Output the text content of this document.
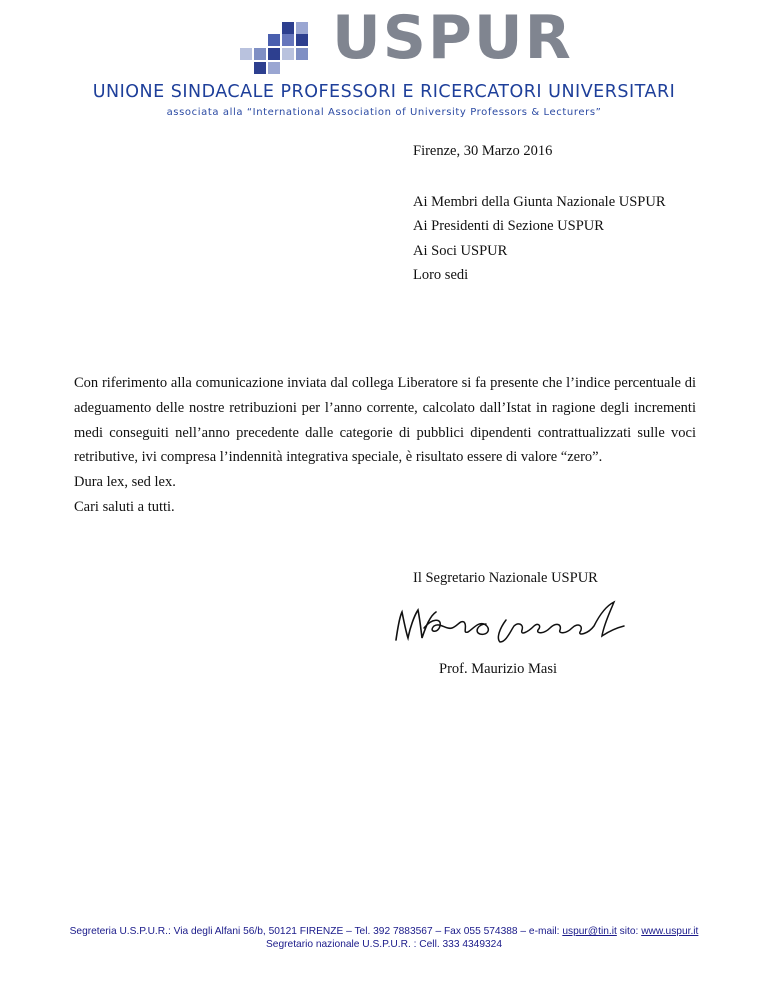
USPUR
UNIONE SINDACALE PROFESSORI E RICERCATORI UNIVERSITARI
associata alla “International Association of University Professors & Lecturers”
Firenze, 30 Marzo 2016
Ai Membri della Giunta Nazionale USPUR
Ai Presidenti di Sezione USPUR
Ai Soci USPUR
Loro sedi

Con riferimento alla comunicazione inviata dal collega Liberatore si fa presente che l’indice percentuale di adeguamento delle nostre retribuzioni per l’anno corrente, calcolato dall’Istat in ragione degli incrementi medi conseguiti nell’anno precedente dalle categorie di pubblici dipendenti contrattualizzati sulle voci retributive, ivi compresa l’indennità integrativa speciale, è risultato essere di valore “zero”.

Dura lex, sed lex.

Cari saluti a tutti.

Il Segretario Nazionale USPUR
Prof. Maurizio Masi
Segreteria U.S.P.U.R.: Via degli Alfani 56/b, 50121 FIRENZE – Tel. 392 7883567 – Fax 055 574388 – e-mail: uspur@tin.it sito: www.uspur.it
Segretario nazionale U.S.P.U.R. : Cell. 333 4349324
